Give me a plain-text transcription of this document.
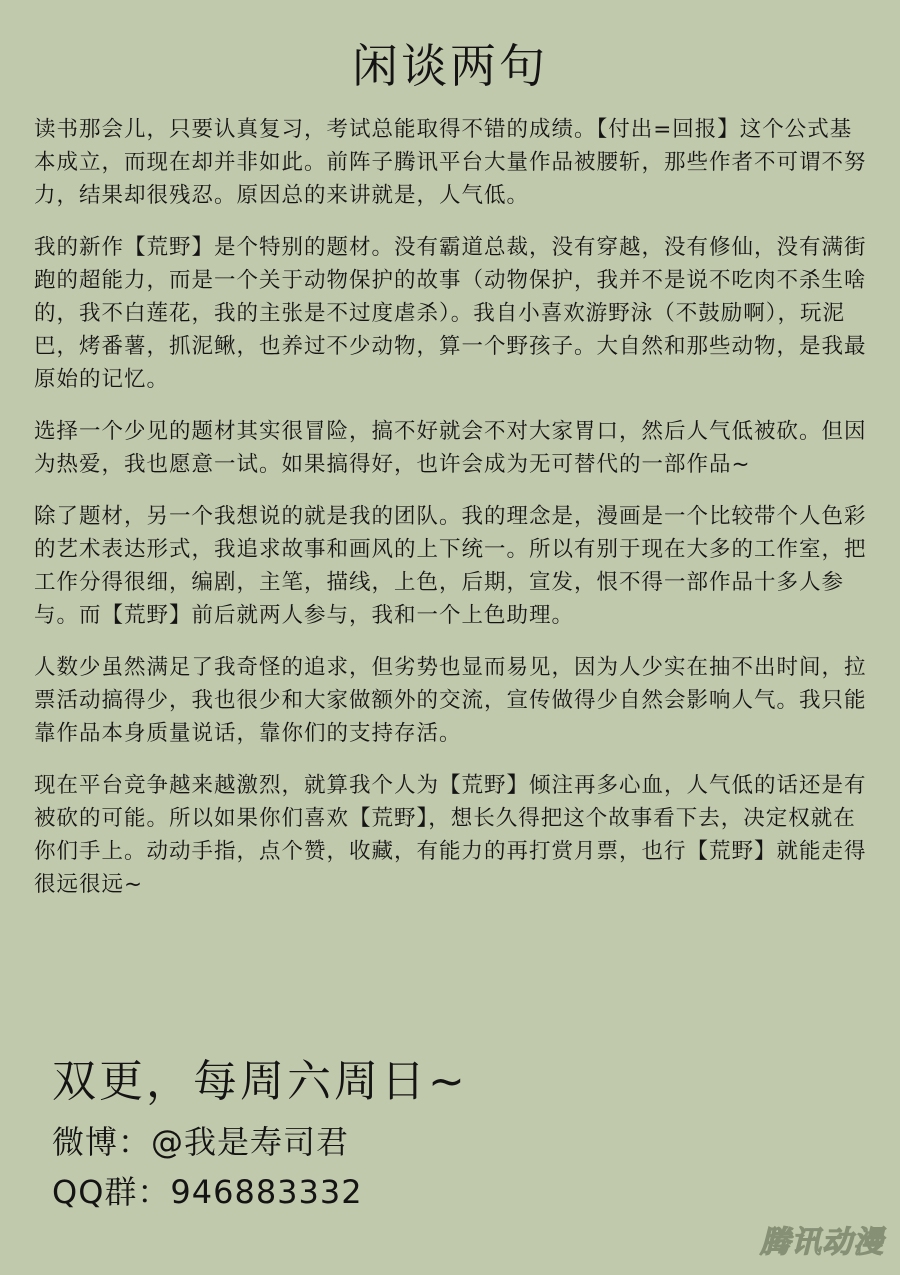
闲谈两句

读书那会儿，只要认真复习，考试总能取得不错的成绩。【付出=回报】这个公式基本成立，而现在却并非如此。前阵子腾讯平台大量作品被腰斩，那些作者不可谓不努力，结果却很残忍。原因总的来讲就是，人气低。

我的新作【荒野】是个特别的题材。没有霸道总裁，没有穿越，没有修仙，没有满街跑的超能力，而是一个关于动物保护的故事（动物保护，我并不是说不吃肉不杀生啥的，我不白莲花，我的主张是不过度虐杀）。我自小喜欢游野泳（不鼓励啊），玩泥巴，烤番薯，抓泥鳅，也养过不少动物，算一个野孩子。大自然和那些动物，是我最原始的记忆。

选择一个少见的题材其实很冒险，搞不好就会不对大家胃口，然后人气低被砍。但因为热爱，我也愿意一试。如果搞得好，也许会成为无可替代的一部作品~

除了题材，另一个我想说的就是我的团队。我的理念是，漫画是一个比较带个人色彩的艺术表达形式，我追求故事和画风的上下统一。所以有别于现在大多的工作室，把工作分得很细，编剧，主笔，描线，上色，后期，宣发，恨不得一部作品十多人参与。而【荒野】前后就两人参与，我和一个上色助理。

人数少虽然满足了我奇怪的追求，但劣势也显而易见，因为人少实在抽不出时间，拉票活动搞得少，我也很少和大家做额外的交流，宣传做得少自然会影响人气。我只能靠作品本身质量说话，靠你们的支持存活。

现在平台竞争越来越激烈，就算我个人为【荒野】倾注再多心血，人气低的话还是有被砍的可能。所以如果你们喜欢【荒野】，想长久得把这个故事看下去，决定权就在你们手上。动动手指，点个赞，收藏，有能力的再打赏月票，也行【荒野】就能走得很远很远~

双更，每周六周日~
微博：@我是寿司君
QQ群：946883332
腾讯动漫
